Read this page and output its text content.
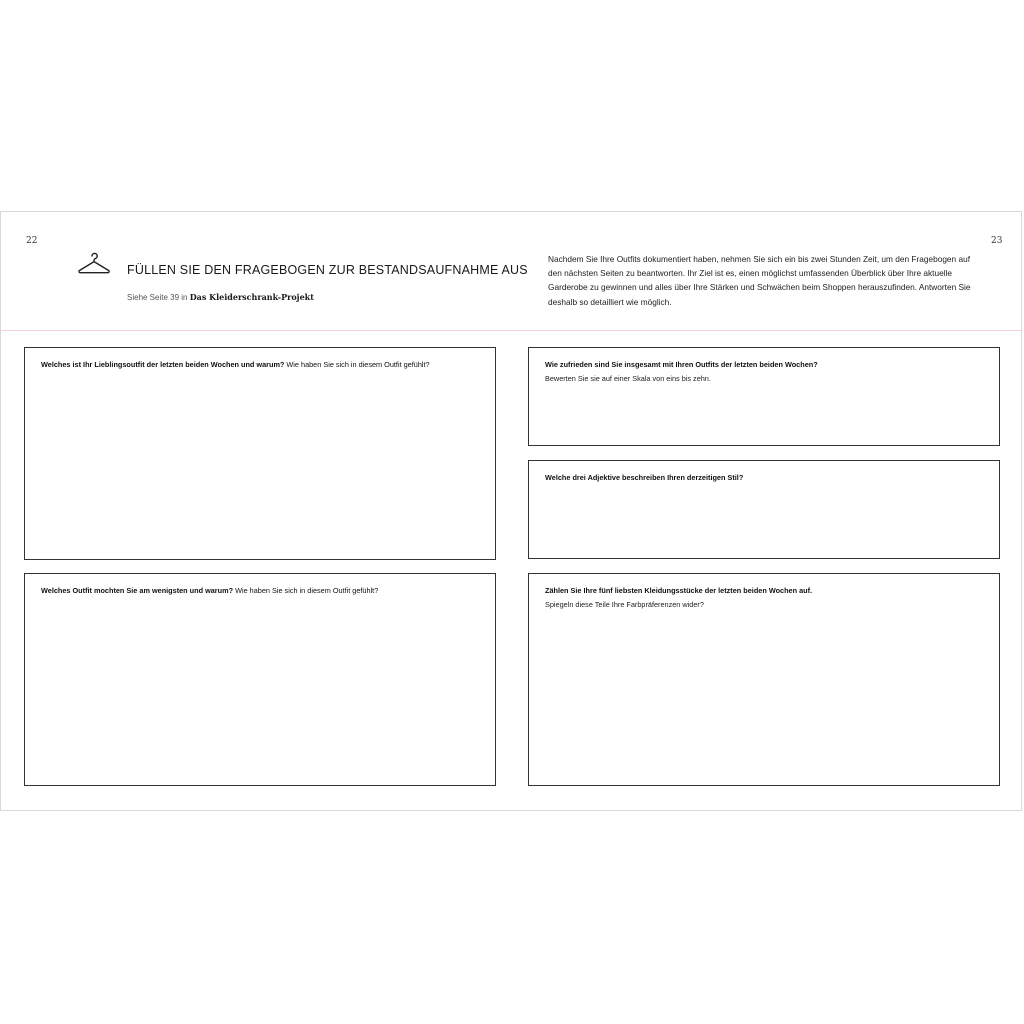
22	23
FÜLLEN SIE DEN FRAGEBOGEN ZUR BESTANDSAUFNAHME AUS
Siehe Seite 39 in Das Kleiderschrank-Projekt
Nachdem Sie Ihre Outfits dokumentiert haben, nehmen Sie sich ein bis zwei Stunden Zeit, um den Fragebogen auf den nächsten Seiten zu beantworten. Ihr Ziel ist es, einen möglichst umfassenden Überblick über Ihre aktuelle Garderobe zu gewinnen und alles über Ihre Stärken und Schwächen beim Shoppen herauszufinden. Antworten Sie deshalb so detailliert wie möglich.
Welches ist Ihr Lieblingsoutfit der letzten beiden Wochen und warum? Wie haben Sie sich in diesem Outfit gefühlt?
Welches Outfit mochten Sie am wenigsten und warum? Wie haben Sie sich in diesem Outfit gefühlt?
Wie zufrieden sind Sie insgesamt mit Ihren Outfits der letzten beiden Wochen?
Bewerten Sie sie auf einer Skala von eins bis zehn.
Welche drei Adjektive beschreiben Ihren derzeitigen Stil?
Zählen Sie Ihre fünf liebsten Kleidungsstücke der letzten beiden Wochen auf.
Spiegeln diese Teile Ihre Farbpräferenzen wider?
